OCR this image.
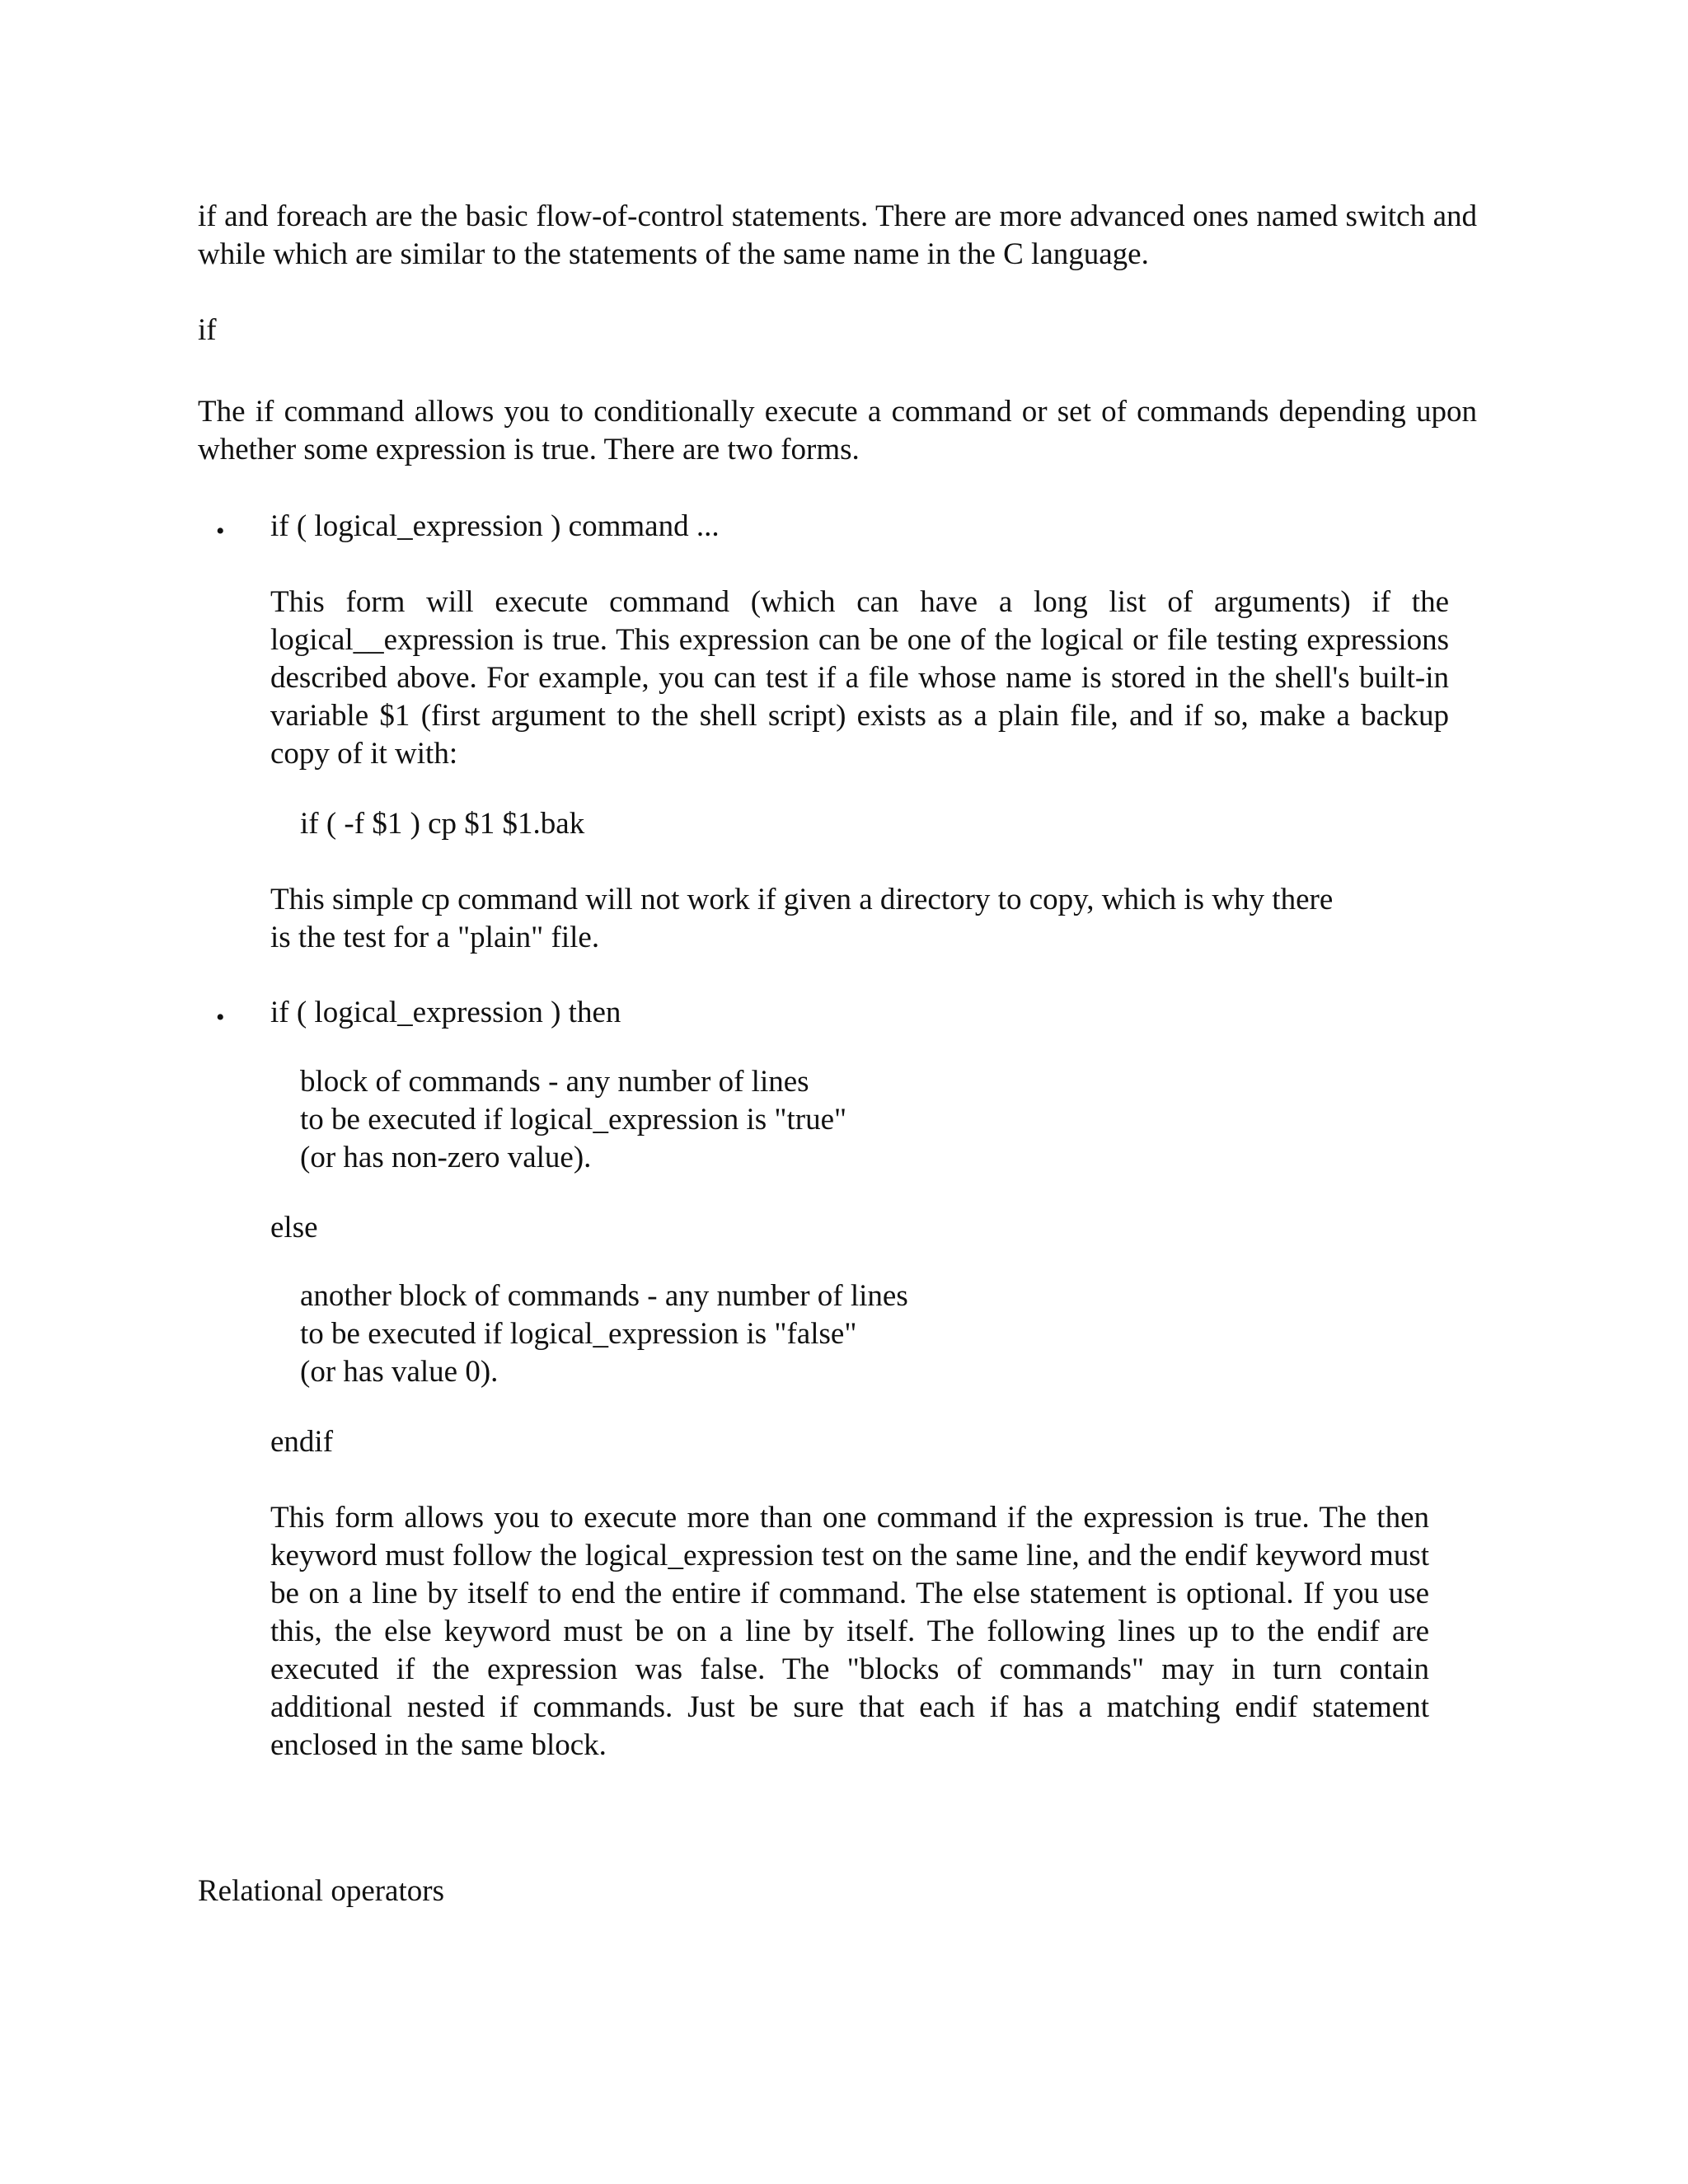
if and foreach are the basic flow-of-control statements. There are more advanced ones named switch and while which are similar to the statements of the same name in the C language.
if
The if command allows you to conditionally execute a command or set of commands depending upon whether some expression is true. There are two forms.
• if ( logical_expression ) command ...
This form will execute command (which can have a long list of arguments) if the logical__expression is true. This expression can be one of the logical or file testing expressions described above. For example, you can test if a file whose name is stored in the shell's built-in variable $1 (first argument to the shell script) exists as a plain file, and if so, make a backup copy of it with:
if ( -f $1 ) cp $1 $1.bak
This simple cp command will not work if given a directory to copy, which is why there
is the test for a "plain" file.
• if ( logical_expression ) then
block of commands - any number of lines
to be executed if logical_expression is "true"
(or has non-zero value).
else
another block of commands - any number of lines
to be executed if logical_expression is "false"
(or has value 0).
endif
This form allows you to execute more than one command if the expression is true. The then keyword must follow the logical_expression test on the same line, and the endif keyword must be on a line by itself to end the entire if command. The else statement is optional. If you use this, the else keyword must be on a line by itself. The following lines up to the endif are executed if the expression was false. The "blocks of commands" may in turn contain additional nested if commands. Just be sure that each if has a matching endif statement enclosed in the same block.
Relational operators
